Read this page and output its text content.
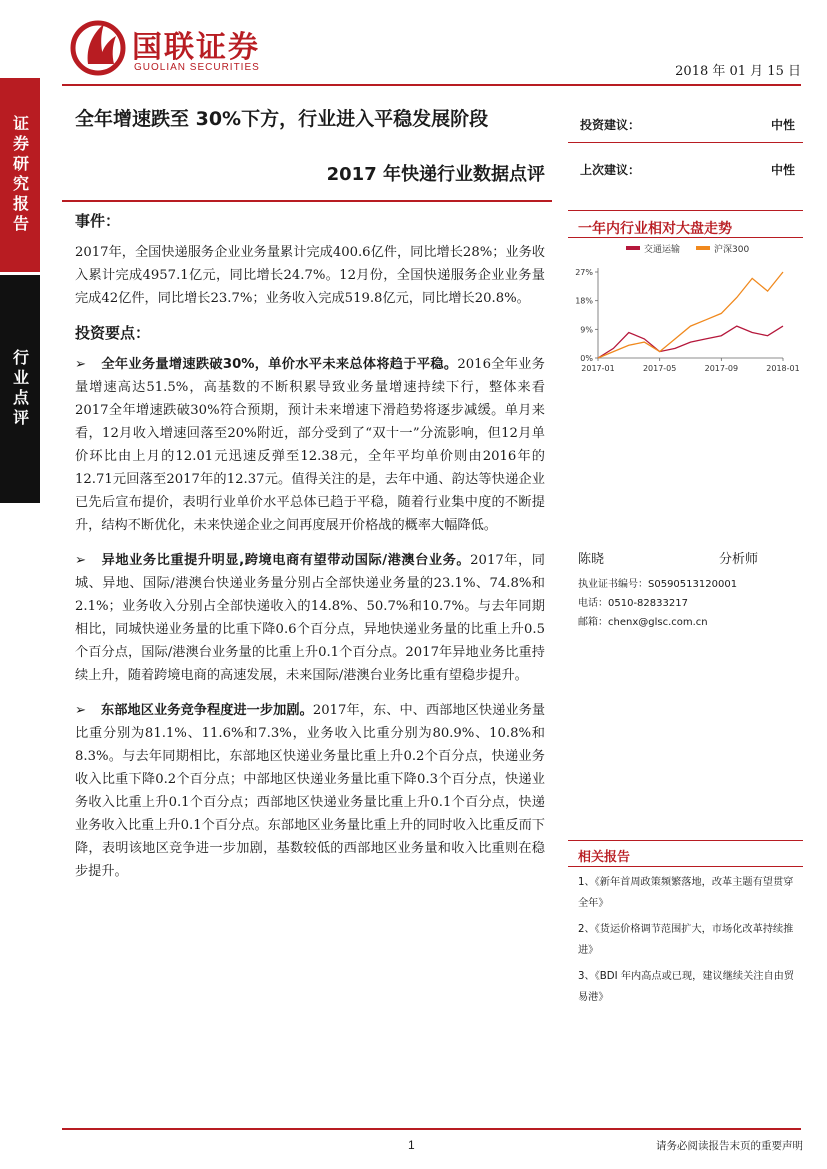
证券研究报告
行业点评
国联证券
GUOLIAN SECURITIES	2018 年 01 月 15 日
全年增速跌至 30%下方，行业进入平稳发展阶段
2017 年快递行业数据点评
投资建议：	中性
上次建议：	中性
事件：
2017年，全国快递服务企业业务量累计完成400.6亿件，同比增长28%；业务收入累计完成4957.1亿元，同比增长24.7%。12月份，全国快递服务企业业务量完成42亿件，同比增长23.7%；业务收入完成519.8亿元，同比增长20.8%。
投资要点：
➢ 全年业务量增速跌破30%，单价水平未来总体将趋于平稳。2016全年业务量增速高达51.5%，高基数的不断积累导致业务量增速持续下行，整体来看2017全年增速跌破30%符合预期，预计未来增速下滑趋势将逐步减缓。单月来看，12月收入增速回落至20%附近，部分受到了“双十一”分流影响，但12月单价环比由上月的12.01元迅速反弹至12.38元，全年平均单价则由2016年的12.71元回落至2017年的12.37元。值得关注的是，去年中通、韵达等快递企业已先后宣布提价，表明行业单价水平总体已趋于平稳，随着行业集中度的不断提升，结构不断优化，未来快递企业之间再度展开价格战的概率大幅降低。
➢ 异地业务比重提升明显,跨境电商有望带动国际/港澳台业务。2017年，同城、异地、国际/港澳台快递业务量分别占全部快递业务量的23.1%、74.8%和2.1%；业务收入分别占全部快递收入的14.8%、50.7%和10.7%。与去年同期相比，同城快递业务量的比重下降0.6个百分点，异地快递业务量的比重上升0.5个百分点，国际/港澳台业务量的比重上升0.1个百分点。2017年异地业务比重持续上升，随着跨境电商的高速发展，未来国际/港澳台业务比重有望稳步提升。
➢ 东部地区业务竞争程度进一步加剧。2017年，东、中、西部地区快递业务量比重分别为81.1%、11.6%和7.3%，业务收入比重分别为80.9%、10.8%和8.3%。与去年同期相比，东部地区快递业务量比重上升0.2个百分点，快递业务收入比重下降0.2个百分点；中部地区快递业务量比重下降0.3个百分点，快递业务收入比重上升0.1个百分点；西部地区快递业务量比重上升0.1个百分点，快递业务收入比重上升0.1个百分点。东部地区业务量比重上升的同时收入比重反而下降，表明该地区竞争进一步加剧，基数较低的西部地区业务量和收入比重则在稳步提升。
一年内行业相对大盘走势
交通运输	沪深300
27%
18%
9%
0%
2017-01	2017-05	2017-09	2018-01
陈晓	分析师
执业证书编号：S0590513120001
电话：0510-82833217
邮箱：chenx@glsc.com.cn
相关报告
1、《新年首周政策频繁落地，改革主题有望贯穿全年》
2、《货运价格调节范围扩大，市场化改革持续推进》
3、《BDI 年内高点或已现，建议继续关注自由贸易港》
1	请务必阅读报告末页的重要声明
